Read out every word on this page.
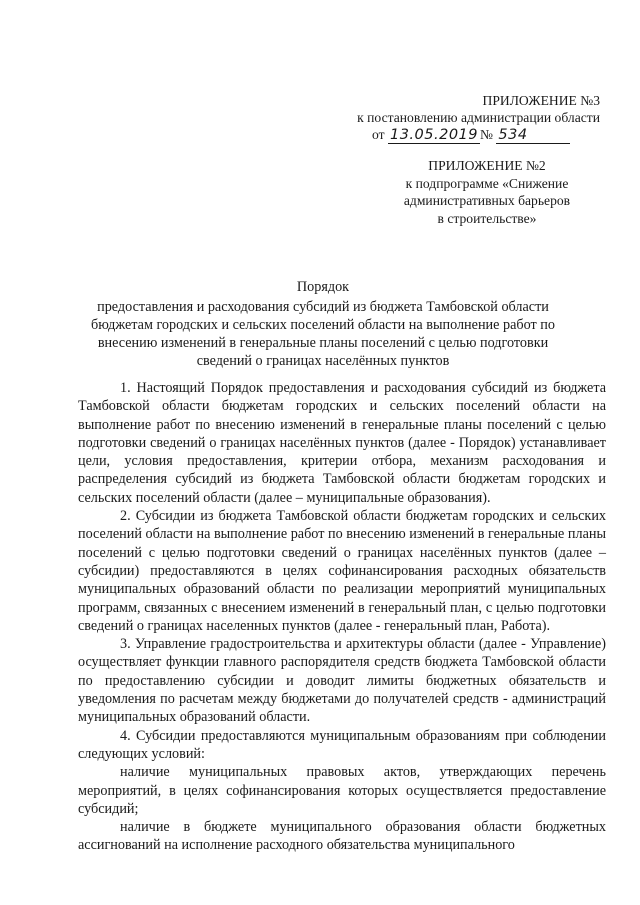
ПРИЛОЖЕНИЕ №3
к постановлению администрации области
от 13.05.2019 № 534
ПРИЛОЖЕНИЕ №2
к подпрограмме «Снижение
административных барьеров
в строительстве»
Порядок
предоставления и расходования субсидий из бюджета Тамбовской области
бюджетам городских и сельских поселений области на выполнение работ по
внесению изменений в генеральные планы поселений с целью подготовки
сведений о границах населённых пунктов

1. Настоящий Порядок предоставления и расходования субсидий из бюджета Тамбовской области бюджетам городских и сельских поселений области на выполнение работ по внесению изменений в генеральные планы поселений с целью подготовки сведений о границах населённых пунктов (далее - Порядок) устанавливает цели, условия предоставления, критерии отбора, механизм расходования и распределения субсидий из бюджета Тамбовской области бюджетам городских и сельских поселений области (далее – муниципальные образования).

2. Субсидии из бюджета Тамбовской области бюджетам городских и сельских поселений области на выполнение работ по внесению изменений в генеральные планы поселений с целью подготовки сведений о границах населённых пунктов (далее – субсидии) предоставляются в целях софинансирования расходных обязательств муниципальных образований области по реализации мероприятий муниципальных программ, связанных с внесением изменений в генеральный план, с целью подготовки сведений о границах населенных пунктов (далее - генеральный план, Работа).

3. Управление градостроительства и архитектуры области (далее - Управление) осуществляет функции главного распорядителя средств бюджета Тамбовской области по предоставлению субсидии и доводит лимиты бюджетных обязательств и уведомления по расчетам между бюджетами до получателей средств - администраций муниципальных образований области.

4. Субсидии предоставляются муниципальным образованиям при соблюдении следующих условий:

наличие муниципальных правовых актов, утверждающих перечень мероприятий, в целях софинансирования которых осуществляется предоставление субсидий;

наличие в бюджете муниципального образования области бюджетных ассигнований на исполнение расходного обязательства муниципального
